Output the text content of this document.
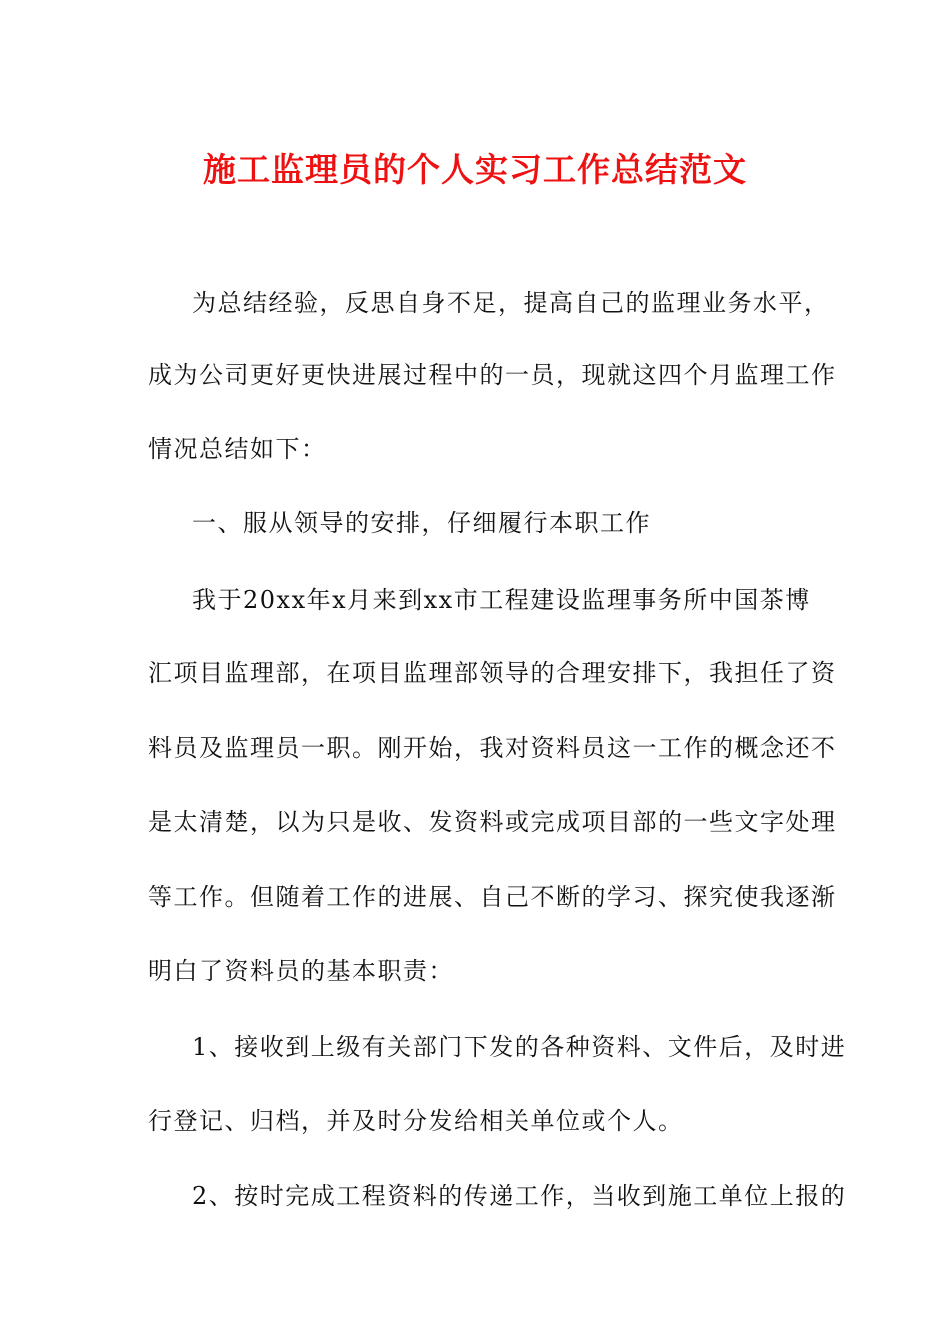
施工监理员的个人实习工作总结范文
为总结经验，反思自身不足，提高自己的监理业务水平，
成为公司更好更快进展过程中的一员，现就这四个月监理工作
情况总结如下：
一、服从领导的安排，仔细履行本职工作
我于20xx年x月来到xx市工程建设监理事务所中国茶博
汇项目监理部，在项目监理部领导的合理安排下，我担任了资
料员及监理员一职。刚开始，我对资料员这一工作的概念还不
是太清楚，以为只是收、发资料或完成项目部的一些文字处理
等工作。但随着工作的进展、自己不断的学习、探究使我逐渐
明白了资料员的基本职责：
1、接收到上级有关部门下发的各种资料、文件后，及时进
行登记、归档，并及时分发给相关单位或个人。
2、按时完成工程资料的传递工作，当收到施工单位上报的
